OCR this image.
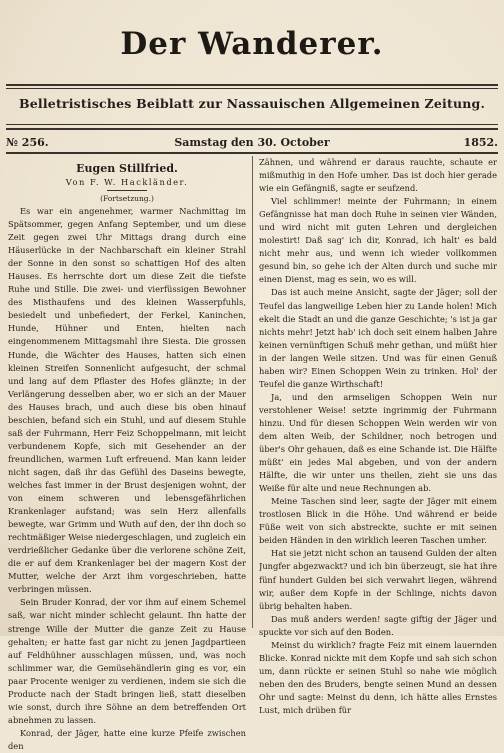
Der Wanderer.
Belletristisches Beiblatt zur Nassauischen Allgemeinen Zeitung.
Samstag den 30. October
№ 256.	1852.
Eugen Stillfried.
Von F. W. Hackländer.
(Fortsetzung.)

Es war ein angenehmer, warmer Nachmittag im Spätsommer, gegen Anfang September, und um diese Zeit gegen zwei Uhr Mittags drang durch eine Häuserlücke in der Nachbarschaft ein kleiner Strahl der Sonne in den sonst so schattigen Hof des alten Hauses. Es herrschte dort um diese Zeit die tiefste Ruhe und Stille. Die zwei- und vierfüssigen Bewohner des Misthaufens und des kleinen Wasserpfuhls, besiedelt und unbefiedert, der Ferkel, Kaninchen, Hunde, Hühner und Enten, hielten nach eingenommenem Mittagsmahl ihre Siesta. Die grossen Hunde, die Wächter des Hauses, hatten sich einen kleinen Streifen Sonnenlicht aufgesucht, der schmal und lang auf dem Pflaster des Hofes glänzte; in der Verlängerung desselben aber, wo er sich an der Mauer des Hauses brach, und auch diese bis oben hinauf beschien, befand sich ein Stuhl, und auf diesem Stuhle saß der Fuhrmann, Herr Feiz Schoppelmann, mit leicht verbundenem Kopfe, sich mit Gesehender an der freundlichen, warmen Luft erfreuend. Man kann leider nicht sagen, daß ihr das Gefühl des Daseins bewegte, welches fast immer in der Brust desjenigen wohnt, der von einem schweren und lebensgefährlichen Krankenlager aufstand; was sein Herz allenfalls bewegte, war Grimm und Wuth auf den, der ihn doch so rechtmäßiger Weise niedergeschlagen, und zugleich ein verdrießlicher Gedanke über die verlorene schöne Zeit, die er auf dem Krankenlager bei der magern Kost der Mutter, welche der Arzt ihm vorgeschrieben, hatte verbringen müssen.

Sein Bruder Konrad, der vor ihm auf einem Schemel saß, war nicht minder schlecht gelaunt. Ihn hatte der strenge Wille der Mutter die ganze Zeit zu Hause gehalten; er hatte fast gar nicht zu jenen Jagdpartieen auf Feldhühner ausschlagen müssen, und, was noch schlimmer war, die Gemüsehändlerin ging es vor, ein paar Procente weniger zu verdienen, indem sie sich die Producte nach der Stadt bringen ließ, statt dieselben wie sonst, durch ihre Söhne an dem betreffenden Ort abnehmen zu lassen.

Konrad, der Jäger, hatte eine kurze Pfeife zwischen den

Zähnen, und während er daraus rauchte, schaute er mißmuthig in den Hofe umher. Das ist doch hier gerade wie ein Gefängniß, sagte er seufzend.

Viel schlimmer! meinte der Fuhrmann; in einem Gefängnisse hat man doch Ruhe in seinen vier Wänden, und wird nicht mit guten Lehren und dergleichen molestirt! Daß sag' ich dir, Konrad, ich halt' es bald nicht mehr aus, und wenn ich wieder vollkommen gesund bin, so gehe ich der Alten durch und suche mir einen Dienst, mag es sein, wo es will.

Das ist auch meine Ansicht, sagte der Jäger; soll der Teufel das langweilige Leben hier zu Lande holen! Mich ekelt die Stadt an und die ganze Geschichte; 's ist ja gar nichts mehr! Jetzt hab' ich doch seit einem halben Jahre keinen vernünftigen Schuß mehr gethan, und müßt hier in der langen Weile sitzen. Und was für einen Genuß haben wir? Einen Schoppen Wein zu trinken. Hol' der Teufel die ganze Wirthschaft!

Ja, und den armseligen Schoppen Wein nur verstohlener Weise! setzte ingrimmig der Fuhrmann hinzu. Und für diesen Schoppen Wein werden wir von dem alten Weib, der Schildner, noch betrogen und über's Ohr gehauen, daß es eine Schande ist. Die Hälfte müßt' ein jedes Mal abgeben, und von der andern Hälfte, die wir unter uns theilen, zieht sie uns das Weiße für alte und neue Rechnungen ab.

Meine Taschen sind leer, sagte der Jäger mit einem trostlosen Blick in die Höhe. Und während er beide Füße weit von sich abstreckte, suchte er mit seinen beiden Händen in den wirklich leeren Taschen umher.

Hat sie jetzt nicht schon an tausend Gulden der alten Jungfer abgezwackt? und ich bin überzeugt, sie hat ihre fünf hundert Gulden bei sich verwahrt liegen, während wir, außer dem Kopfe in der Schlinge, nichts davon übrig behalten haben.

Das muß anders werden! sagte giftig der Jäger und spuckte vor sich auf den Boden.

Meinst du wirklich? fragte Feiz mit einem lauernden Blicke. Konrad nickte mit dem Kopfe und sah sich schon um, dann rückte er seinen Stuhl so nahe wie möglich neben den des Bruders, bengte seinen Mund an dessen Ohr und sagte: Meinst du denn, ich hätte alles Ernstes Lust, mich drüben für
